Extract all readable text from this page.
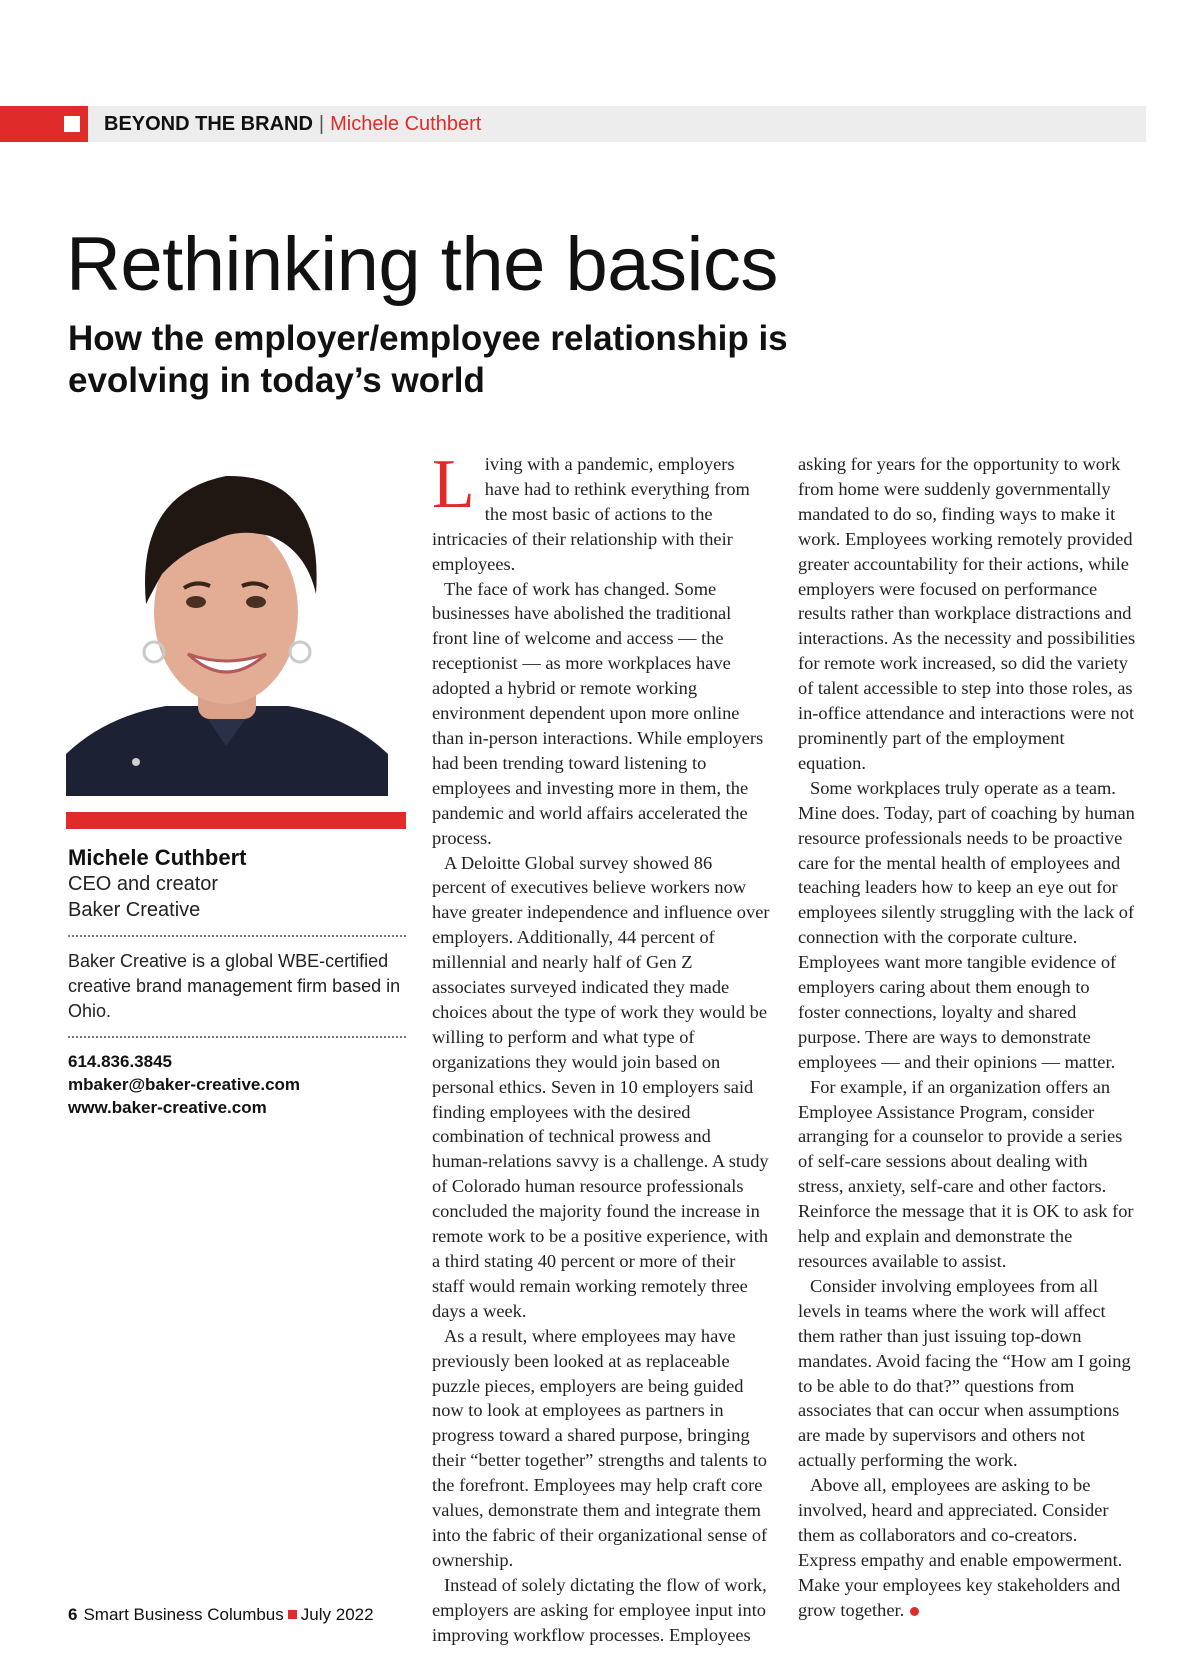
BEYOND THE BRAND | Michele Cuthbert
Rethinking the basics
How the employer/employee relationship is evolving in today’s world
Michele Cuthbert
CEO and creator
Baker Creative
Baker Creative is a global WBE-certified creative brand management firm based in Ohio.
614.836.3845
mbaker@baker-creative.com
www.baker-creative.com

Living with a pandemic, employers have had to rethink everything from the most basic of actions to the intricacies of their relationship with their employees.

The face of work has changed. Some businesses have abolished the traditional front line of welcome and access — the receptionist — as more workplaces have adopted a hybrid or remote working environment dependent upon more online than in-person interactions. While employers had been trending toward listening to employees and investing more in them, the pandemic and world affairs accelerated the process.

A Deloitte Global survey showed 86 percent of executives believe workers now have greater independence and influence over employers. Additionally, 44 percent of millennial and nearly half of Gen Z associates surveyed indicated they made choices about the type of work they would be willing to perform and what type of organizations they would join based on personal ethics. Seven in 10 employers said finding employees with the desired combination of technical prowess and human-relations savvy is a challenge. A study of Colorado human resource professionals concluded the majority found the increase in remote work to be a positive experience, with a third stating 40 percent or more of their staff would remain working remotely three days a week.

As a result, where employees may have previously been looked at as replaceable puzzle pieces, employers are being guided now to look at employees as partners in progress toward a shared purpose, bringing their “better together” strengths and talents to the forefront. Employees may help craft core values, demonstrate them and integrate them into the fabric of their organizational sense of ownership.

Instead of solely dictating the flow of work, employers are asking for employee input into improving workflow processes. Employees

asking for years for the opportunity to work from home were suddenly governmentally mandated to do so, finding ways to make it work. Employees working remotely provided greater accountability for their actions, while employers were focused on performance results rather than workplace distractions and interactions. As the necessity and possibilities for remote work increased, so did the variety of talent accessible to step into those roles, as in-office attendance and interactions were not prominently part of the employment equation.

Some workplaces truly operate as a team. Mine does. Today, part of coaching by human resource professionals needs to be proactive care for the mental health of employees and teaching leaders how to keep an eye out for employees silently struggling with the lack of connection with the corporate culture. Employees want more tangible evidence of employers caring about them enough to foster connections, loyalty and shared purpose. There are ways to demonstrate employees — and their opinions — matter.

For example, if an organization offers an Employee Assistance Program, consider arranging for a counselor to provide a series of self-care sessions about dealing with stress, anxiety, self-care and other factors. Reinforce the message that it is OK to ask for help and explain and demonstrate the resources available to assist.

Consider involving employees from all levels in teams where the work will affect them rather than just issuing top-down mandates. Avoid facing the “How am I going to be able to do that?” questions from associates that can occur when assumptions are made by supervisors and others not actually performing the work.

Above all, employees are asking to be involved, heard and appreciated. Consider them as collaborators and co-creators. Express empathy and enable empowerment. Make your employees key stakeholders and grow together.

6 Smart Business Columbus July 2022
